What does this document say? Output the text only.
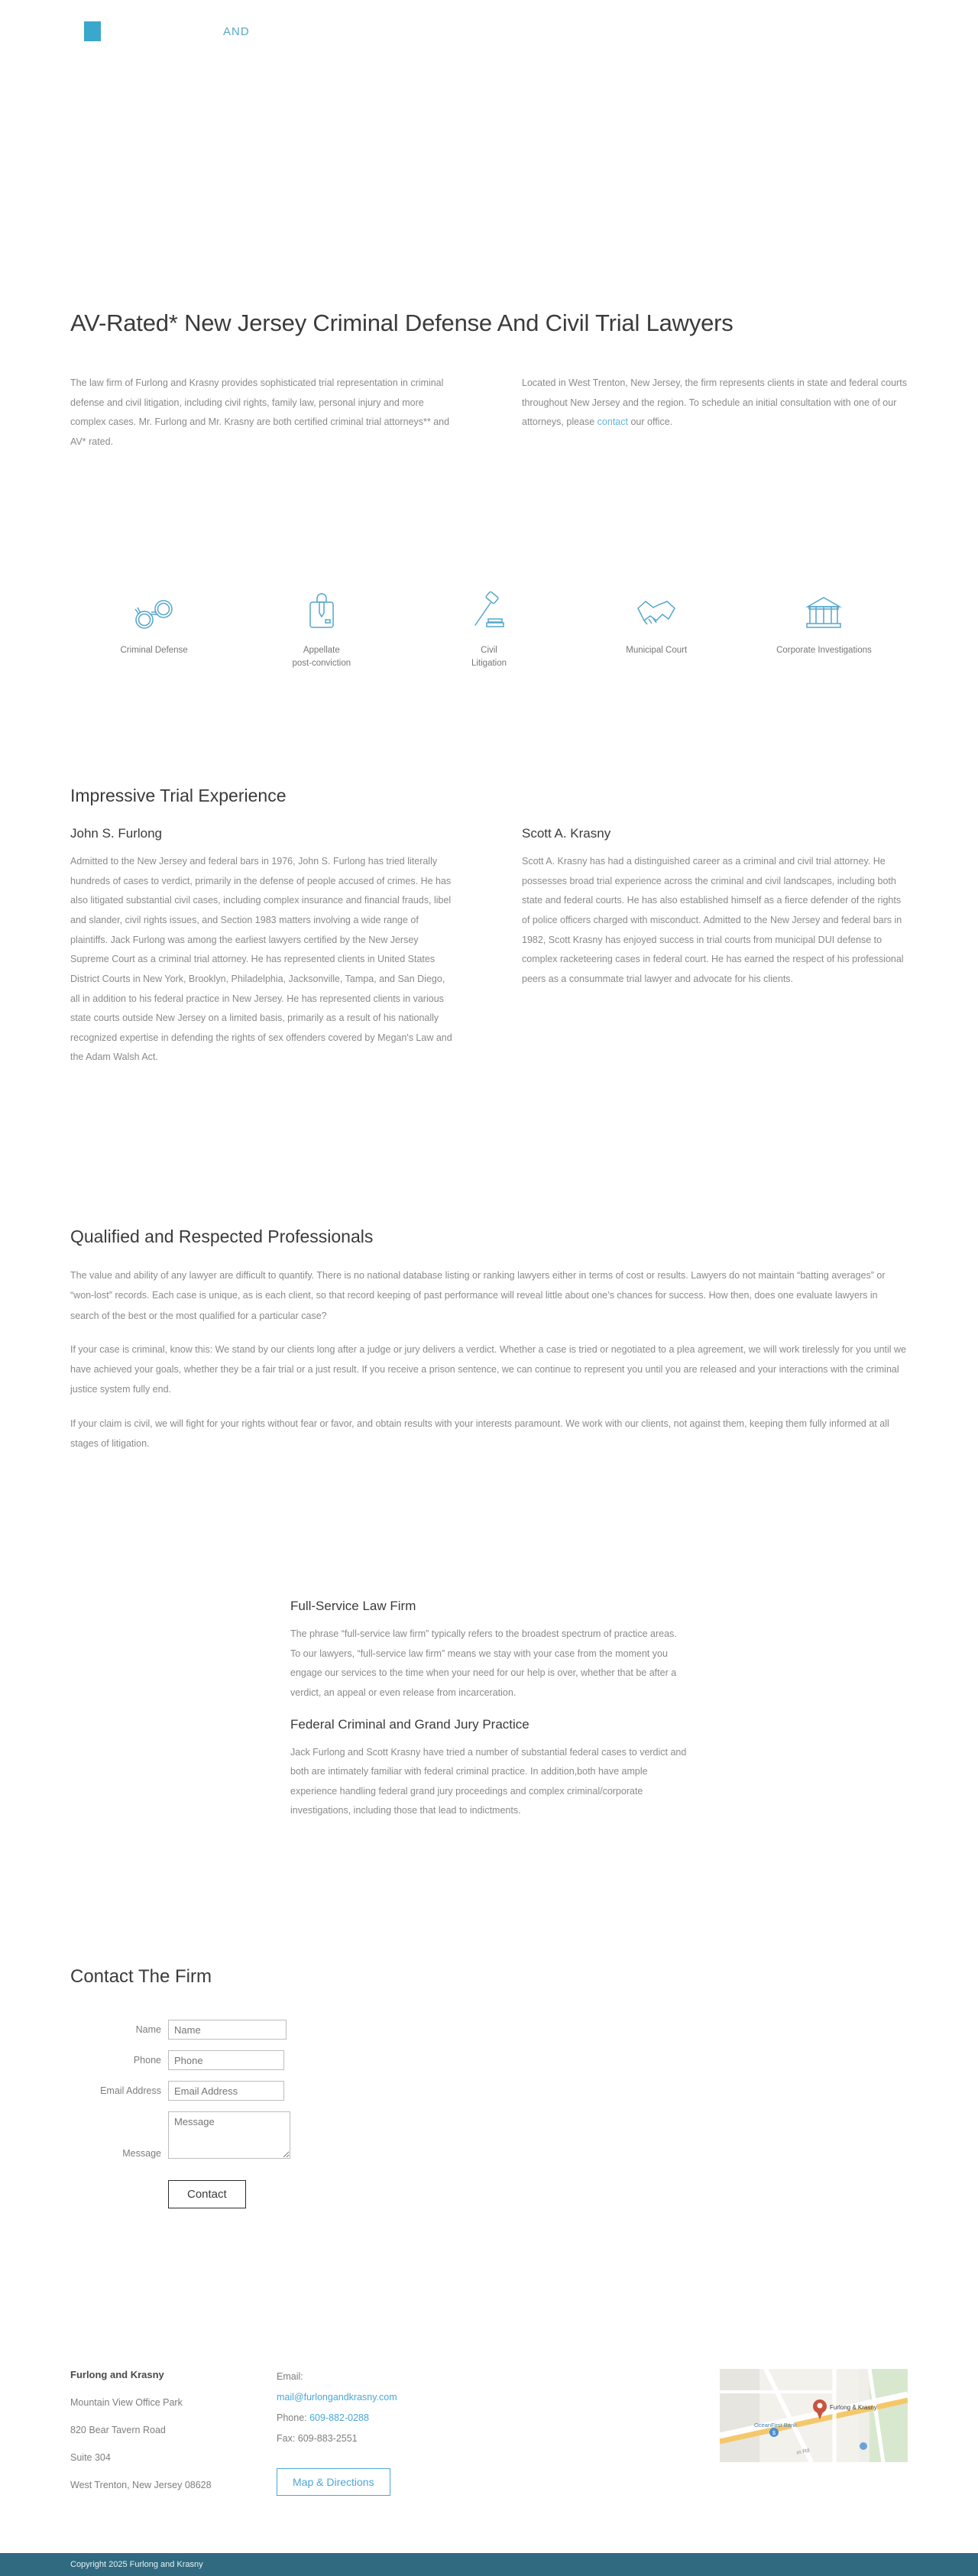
AND
AV-Rated* New Jersey Criminal Defense And Civil Trial Lawyers

The law firm of Furlong and Krasny provides sophisticated trial representation in criminal defense and civil litigation, including civil rights, family law, personal injury and more complex cases. Mr. Furlong and Mr. Krasny are both certified criminal trial attorneys** and AV* rated.

Located in West Trenton, New Jersey, the firm represents clients in state and federal courts throughout New Jersey and the region. To schedule an initial consultation with one of our attorneys, please contact our office.

Criminal Defense	Appellate
post-conviction
Civil
Litigation
Municipal Court	Corporate Investigations
Impressive Trial Experience
John S. Furlong

Admitted to the New Jersey and federal bars in 1976, John S. Furlong has tried literally hundreds of cases to verdict, primarily in the defense of people accused of crimes. He has also litigated substantial civil cases, including complex insurance and financial frauds, libel and slander, civil rights issues, and Section 1983 matters involving a wide range of plaintiffs. Jack Furlong was among the earliest lawyers certified by the New Jersey Supreme Court as a criminal trial attorney. He has represented clients in United States District Courts in New York, Brooklyn, Philadelphia, Jacksonville, Tampa, and San Diego, all in addition to his federal practice in New Jersey. He has represented clients in various state courts outside New Jersey on a limited basis, primarily as a result of his nationally recognized expertise in defending the rights of sex offenders covered by Megan's Law and the Adam Walsh Act.

Scott A. Krasny

Scott A. Krasny has had a distinguished career as a criminal and civil trial attorney. He possesses broad trial experience across the criminal and civil landscapes, including both state and federal courts. He has also established himself as a fierce defender of the rights of police officers charged with misconduct. Admitted to the New Jersey and federal bars in 1982, Scott Krasny has enjoyed success in trial courts from municipal DUI defense to complex racketeering cases in federal court. He has earned the respect of his professional peers as a consummate trial lawyer and advocate for his clients.

Qualified and Respected Professionals

The value and ability of any lawyer are difficult to quantify. There is no national database listing or ranking lawyers either in terms of cost or results. Lawyers do not maintain “batting averages” or “won-lost” records. Each case is unique, as is each client, so that record keeping of past performance will reveal little about one’s chances for success. How then, does one evaluate lawyers in search of the best or the most qualified for a particular case?

If your case is criminal, know this: We stand by our clients long after a judge or jury delivers a verdict. Whether a case is tried or negotiated to a plea agreement, we will work tirelessly for you until we have achieved your goals, whether they be a fair trial or a just result. If you receive a prison sentence, we can continue to represent you until you are released and your interactions with the criminal justice system fully end.

If your claim is civil, we will fight for your rights without fear or favor, and obtain results with your interests paramount. We work with our clients, not against them, keeping them fully informed at all stages of litigation.

Full-Service Law Firm

The phrase “full-service law firm” typically refers to the broadest spectrum of practice areas. To our lawyers, “full-service law firm” means we stay with your case from the moment you engage our services to the time when your need for our help is over, whether that be after a verdict, an appeal or even release from incarceration.

Federal Criminal and Grand Jury Practice

Jack Furlong and Scott Krasny have tried a number of substantial federal cases to verdict and both are intimately familiar with federal criminal practice. In addition,both have ample experience handling federal grand jury proceedings and complex criminal/corporate investigations, including those that lead to indictments.

Contact The Firm
Name
Name
Phone
Phone
Email Address
Email Address
Message
Message
Contact

Furlong and Krasny

Mountain View Office Park

820 Bear Tavern Road

Suite 304

West Trenton, New Jersey 08628

Email:

mail@furlongandkrasny.com

Phone: 609-882-0288

Fax: 609-883-2551

Map & Directions
$
Furlong & Krasny
OceanFirst Bank
rn Rd
Copyright 2025 Furlong and Krasny
